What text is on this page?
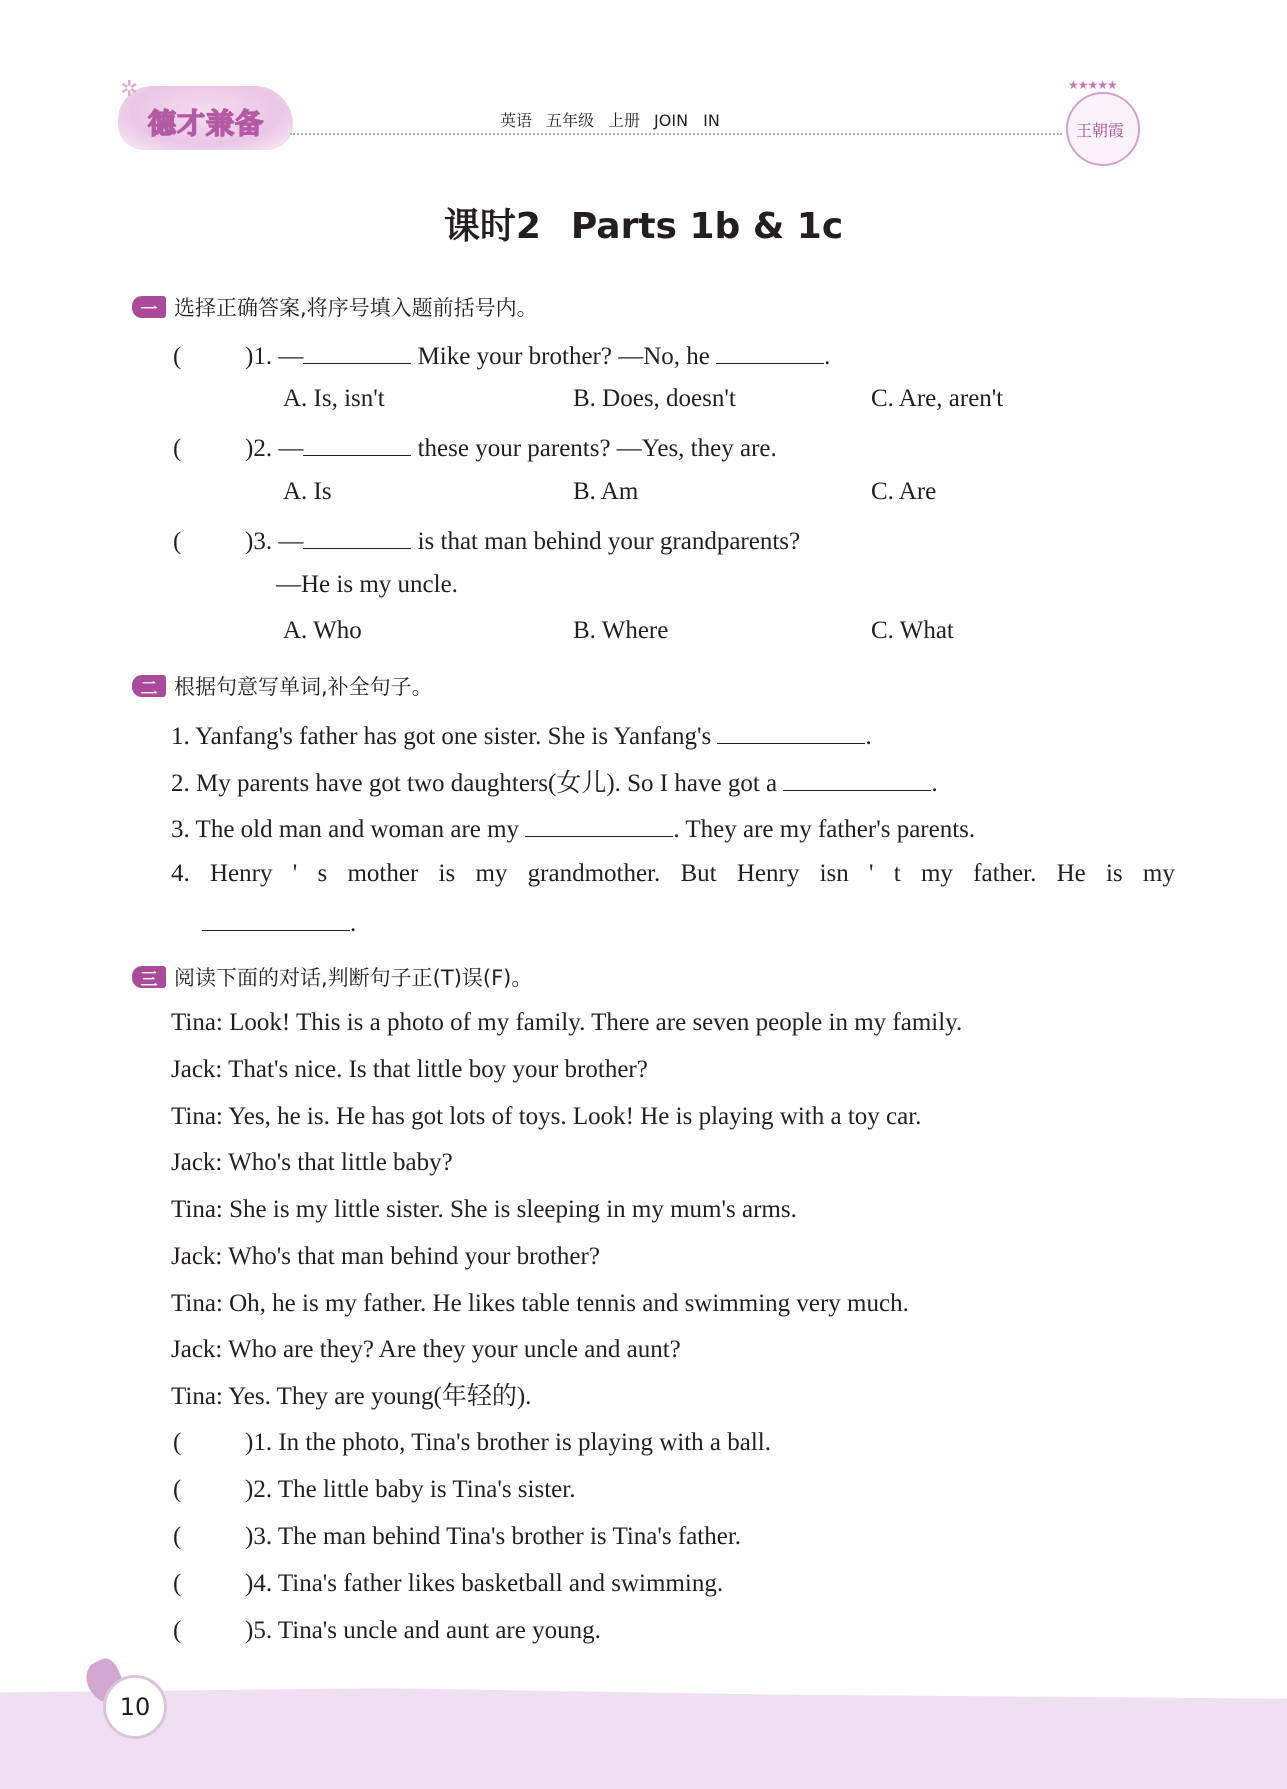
✲
德才兼备	英语 五年级 上册 JOIN IN
★★★★★
王朝霞
课时2 Parts 1b & 1c
一 选择正确答案,将序号填入题前括号内。
(	)1. —	Mike your brother? —No, he	.
A. Is, isn't	B. Does, doesn't	C. Are, aren't
(	)2. —	these your parents? —Yes, they are.
A. Is	B. Am	C. Are
(	)3. —	is that man behind your grandparents?
—He is my uncle.
A. Who	B. Where	C. What
二 根据句意写单词,补全句子。
1. Yanfang's father has got one sister. She is Yanfang's	.
2. My parents have got two daughters(女儿). So I have got a	.
3. The old man and woman are my	. They are my father's parents.
4. Henry ' s mother is my grandmother. But Henry isn ' t my father. He is my
.
三 阅读下面的对话,判断句子正(T)误(F)。
Tina: Look! This is a photo of my family. There are seven people in my family.
Jack: That's nice. Is that little boy your brother?
Tina: Yes, he is. He has got lots of toys. Look! He is playing with a toy car.
Jack: Who's that little baby?
Tina: She is my little sister. She is sleeping in my mum's arms.
Jack: Who's that man behind your brother?
Tina: Oh, he is my father. He likes table tennis and swimming very much.
Jack: Who are they? Are they your uncle and aunt?
Tina: Yes. They are young(年轻的).
(	)1. In the photo, Tina's brother is playing with a ball.
(	)2. The little baby is Tina's sister.
(	)3. The man behind Tina's brother is Tina's father.
(	)4. Tina's father likes basketball and swimming.
(	)5. Tina's uncle and aunt are young.
10
